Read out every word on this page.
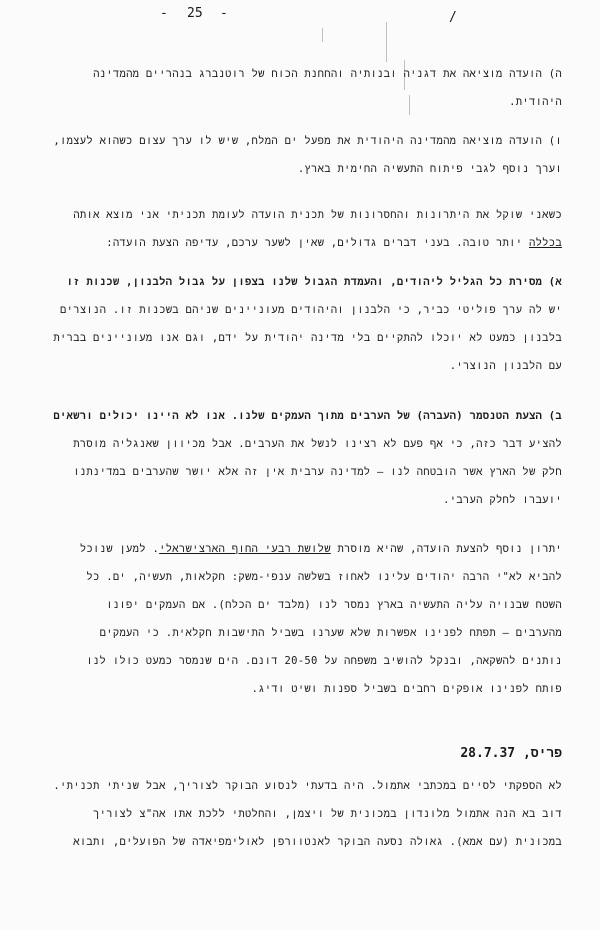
- 25 -	/
ה) הועדה מוציאה את דגניה ובנותיה והחחנת הכוח של רוטנברג בנהריים מהמדינה
היהודית.
ו) הועדה מוציאה מהמדינה היהודית את מפעל ים המלח, שיש לו ערך עצום כשהוא לעצמו,
וערך נוסף לגבי פיתוח התעשיה החימית בארץ.
כשאני שוקל את היתרונות והחסרונות של תכנית הועדה לעומת תכניתי אני מוצא אותה
בכללה יותר טובה. בעני דברים גדולים, שאין לשער ערכם, עדיפה הצעת הועדה:
א) מסירת כל הגליל ליהודים, והעמדת הגבול שלנו בצפון על גבול הלבנון, שכנות זו
יש לה ערך פוליטי כביר, כי הלבנון והיהודים מעוניינים שניהם בשכנות זו. הנוצרים
בלבנון כמעט לא יוכלו להתקיים בלי מדינה יהודית על ידם, וגם אנו מעוניינים בברית
עם הלבנון הנוצרי.
ב) הצעת הטנסמר (העברה) של הערבים מתוך העמקים שלנו. אנו לא היינו יכולים ורשאים
להציע דבר כזה, כי אף פעם לא רצינו לנשל את הערבים. אבל מכיוון שאנגליה מוסרת
חלק של הארץ אשר הובטחה לנו – למדינה ערבית אין זה אלא יושר שהערבים במדינתנו
יועברו לחלק הערבי.
יתרון נוסף להצעת הועדה, שהיא מוסרת שלושת רבעי החוף הארצישראלי. למען שנוכל
להביא לא"י הרבה יהודים עלינו לאחוז בשלשה ענפי-משק: חקלאות, תעשיה, ים. כל
השטח שבנויה עליה התעשיה בארץ נמסר לנו (מלבד ים הכלח). אם העמקים יפונו
מהערבים – תפתח לפנינו אפשרות שלא שערנו בשביל התישבות חקלאית. כי העמקים
נותנים להשקאה, ובנקל להושיב משפחה על 20-50 דונם. הים שנמסר כמעט כולו לנו
פותח לפנינו אופקים רחבים בשביל ספנות ושיט ודיג.
פריס, 28.7.37
לא הספקתי לסיים במכתבי אתמול. היה בדעתי לנסוע הבוקר לצוריך, אבל שניתי תכניתי.
דוב בא הנה אתמול מלונדון במכונית של ויצמן, והחלטתי ללכת אתו אה"צ לצוריך
במכונית (עם אמא). גאולה נסעה הבוקר לאנטוורפן לאולימפיאדה של הפועלים, ותבוא
